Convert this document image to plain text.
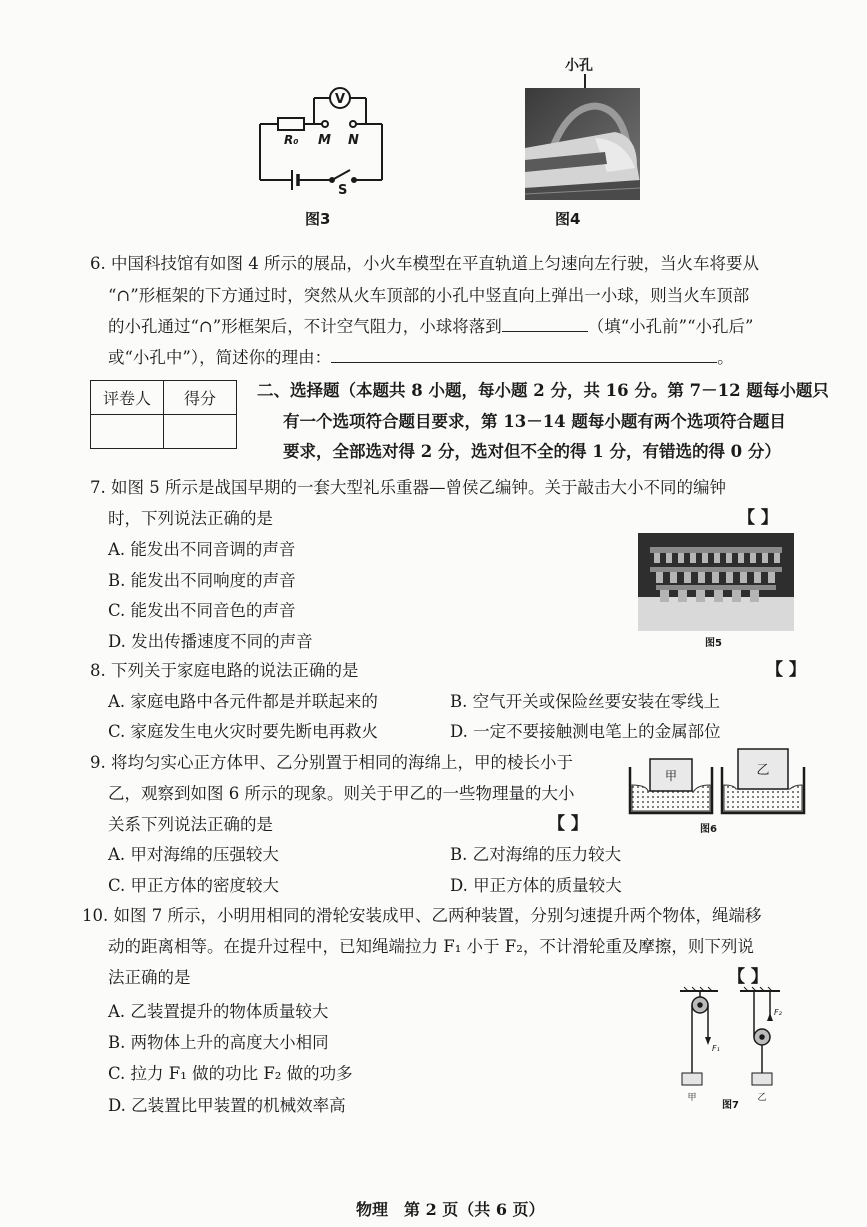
V
R₀ M N
S
图3
小孔
图4
6. 中国科技馆有如图 4 所示的展品，小火车模型在平直轨道上匀速向左行驶，当火车将要从
“∩”形框架的下方通过时，突然从火车顶部的小孔中竖直向上弹出一小球，则当火车顶部
的小孔通过“∩”形框架后，不计空气阻力，小球将落到	（填“小孔前”“小孔后”
或“小孔中”），简述你的理由：	。
评卷人	得分
	二、选择题（本题共 8 小题，每小题 2 分，共 16 分。第 7－12 题每小题只
有一个选项符合题目要求，第 13－14 题每小题有两个选项符合题目
要求，全部选对得 2 分，选对但不全的得 1 分，有错选的得 0 分）
7. 如图 5 所示是战国早期的一套大型礼乐重器—曾侯乙编钟。关于敲击大小不同的编钟
时，下列说法正确的是	【 】
A. 能发出不同音调的声音
B. 能发出不同响度的声音
C. 能发出不同音色的声音
D. 发出传播速度不同的声音	图5
8. 下列关于家庭电路的说法正确的是	【 】
A. 家庭电路中各元件都是并联起来的	B. 空气开关或保险丝要安装在零线上
C. 家庭发生电火灾时要先断电再救火	D. 一定不要接触测电笔上的金属部位
9. 将均匀实心正方体甲、乙分别置于相同的海绵上，甲的棱长小于
乙，观察到如图 6 所示的现象。则关于甲乙的一些物理量的大小
关系下列说法正确的是	【 】
A. 甲对海绵的压强较大	B. 乙对海绵的压力较大
C. 甲正方体的密度较大	D. 甲正方体的质量较大
甲	乙
图6
10. 如图 7 所示，小明用相同的滑轮安装成甲、乙两种装置，分别匀速提升两个物体，绳端移
动的距离相等。在提升过程中，已知绳端拉力 F₁ 小于 F₂，不计滑轮重及摩擦，则下列说
法正确的是	【 】
A. 乙装置提升的物体质量较大
B. 两物体上升的高度大小相同
C. 拉力 F₁ 做的功比 F₂ 做的功多
D. 乙装置比甲装置的机械效率高
F₁
F₂
甲	乙
图7
物理　第 2 页（共 6 页）
